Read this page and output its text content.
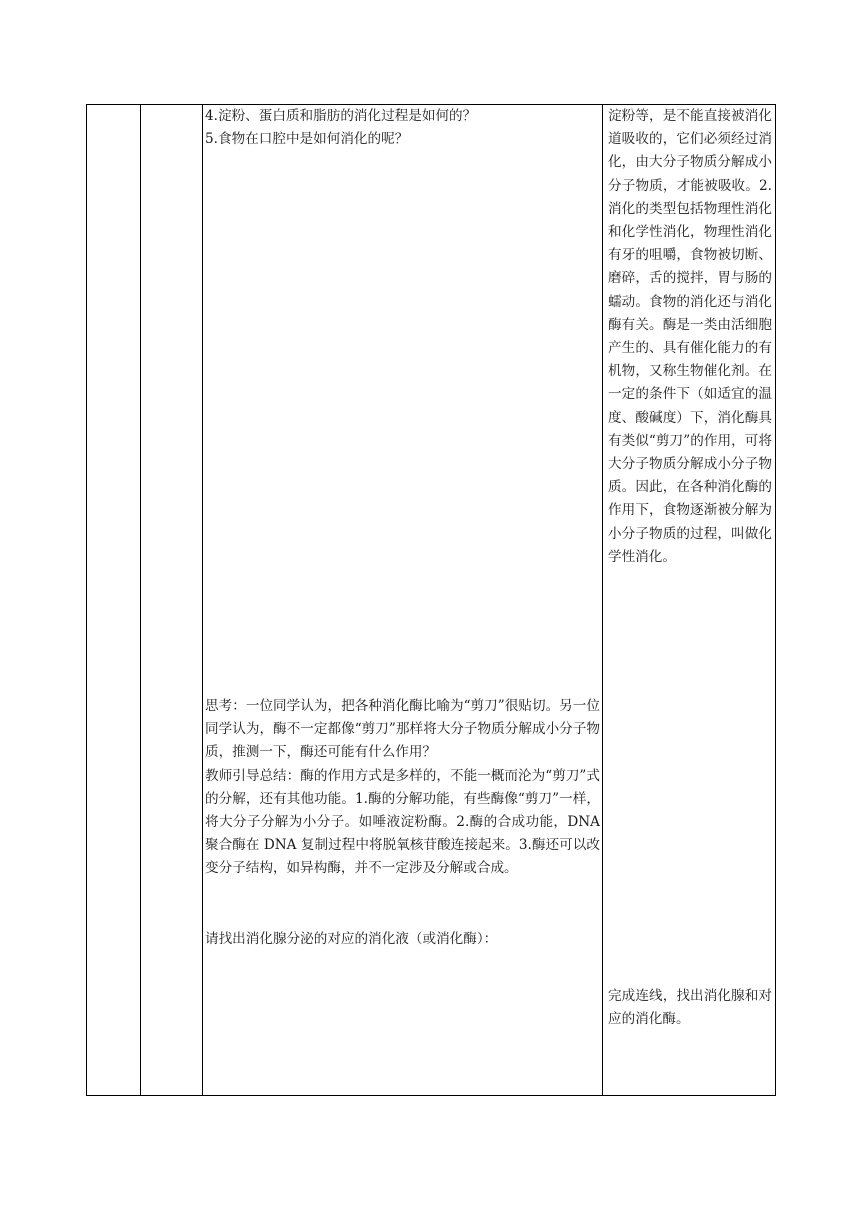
4.淀粉、蛋白质和脂肪的消化过程是如何的？

5.食物在口腔中是如何消化的呢？

思考：一位同学认为，把各种消化酶比喻为“剪刀”很贴切。另一位同学认为，酶不一定都像“剪刀”那样将大分子物质分解成小分子物质，推测一下，酶还可能有什么作用？

教师引导总结：酶的作用方式是多样的，不能一概而沦为“剪刀”式的分解，还有其他功能。1.酶的分解功能，有些酶像“剪刀”一样，将大分子分解为小分子。如唾液淀粉酶。2.酶的合成功能，DNA 聚合酶在 DNA 复制过程中将脱氧核苷酸连接起来。3.酶还可以改变分子结构，如异构酶，并不一定涉及分解或合成。

请找出消化腺分泌的对应的消化液（或消化酶）：

淀粉等，是不能直接被消化道吸收的，它们必须经过消化，由大分子物质分解成小分子物质，才能被吸收。2.消化的类型包括物理性消化和化学性消化，物理性消化有牙的咀嚼，食物被切断、磨碎，舌的搅拌，胃与肠的蠕动。食物的消化还与消化酶有关。酶是一类由活细胞产生的、具有催化能力的有机物，又称生物催化剂。在一定的条件下（如适宜的温度、酸碱度）下，消化酶具有类似“剪刀”的作用，可将大分子物质分解成小分子物质。因此，在各种消化酶的作用下，食物逐渐被分解为小分子物质的过程，叫做化学性消化。

完成连线，找出消化腺和对应的消化酶。
